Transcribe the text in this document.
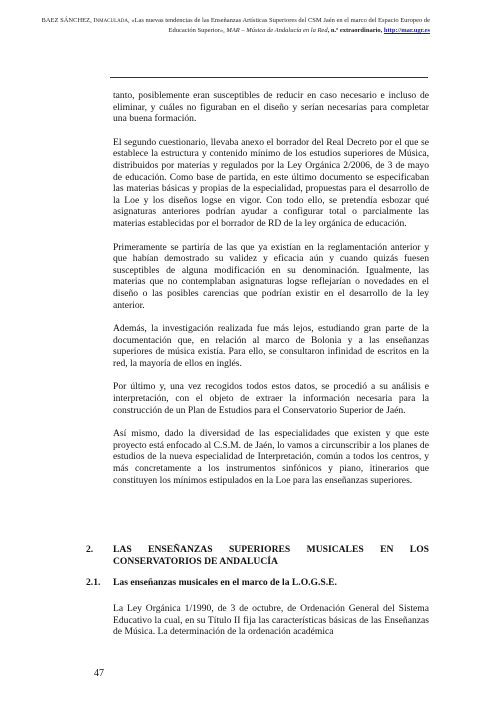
BAEZ SÁNCHEZ, Inmaculada, «Las nuevas tendencias de las Enseñanzas Artísticas Superiores del CSM Jaén en el marco del Espacio Europeo de Educación Superior», MAR – Música de Andalucía en la Red, n.º extraordinario, http://mar.ugr.es

tanto, posiblemente eran susceptibles de reducir en caso necesario e incluso de eliminar, y cuáles no figuraban en el diseño y serían necesarias para completar una buena formación.

El segundo cuestionario, llevaba anexo el borrador del Real Decreto por el que se establece la estructura y contenido mínimo de los estudios superiores de Música, distribuidos por materias y regulados por la Ley Orgánica 2/2006, de 3 de mayo de educación. Como base de partida, en este último documento se especificaban las materias básicas y propias de la especialidad, propuestas para el desarrollo de la Loe y los diseños logse en vigor. Con todo ello, se pretendía esbozar qué asignaturas anteriores podrían ayudar a configurar total o parcialmente las materias establecidas por el borrador de RD de la ley orgánica de educación.

Primeramente se partiría de las que ya existían en la reglamentación anterior y que habían demostrado su validez y eficacia aún y cuando quizás fuesen susceptibles de alguna modificación en su denominación. Igualmente, las materias que no contemplaban asignaturas logse reflejarían o novedades en el diseño o las posibles carencias que podrían existir en el desarrollo de la ley anterior.

Además, la investigación realizada fue más lejos, estudiando gran parte de la documentación que, en relación al marco de Bolonia y a las enseñanzas superiores de música existía. Para ello, se consultaron infinidad de escritos en la red, la mayoría de ellos en inglés.

Por último y, una vez recogidos todos estos datos, se procedió a su análisis e interpretación, con el objeto de extraer la información necesaria para la construcción de un Plan de Estudios para el Conservatorio Superior de Jaén.

Así mismo, dado la diversidad de las especialidades que existen y que este proyecto está enfocado al C.S.M. de Jaén, lo vamos a circunscribir a los planes de estudios de la nueva especialidad de Interpretación, común a todos los centros, y más concretamente a los instrumentos sinfónicos y piano, itinerarios que constituyen los mínimos estipulados en la Loe para las enseñanzas superiores.

2. LAS ENSEÑANZAS SUPERIORES MUSICALES EN LOS
CONSERVATORIOS DE ANDALUCÍA
2.1. Las enseñanzas musicales en el marco de la L.O.G.S.E.

La Ley Orgánica 1/1990, de 3 de octubre, de Ordenación General del Sistema Educativo la cual, en su Título II fija las características básicas de las Enseñanzas de Música. La determinación de la ordenación académica

47
